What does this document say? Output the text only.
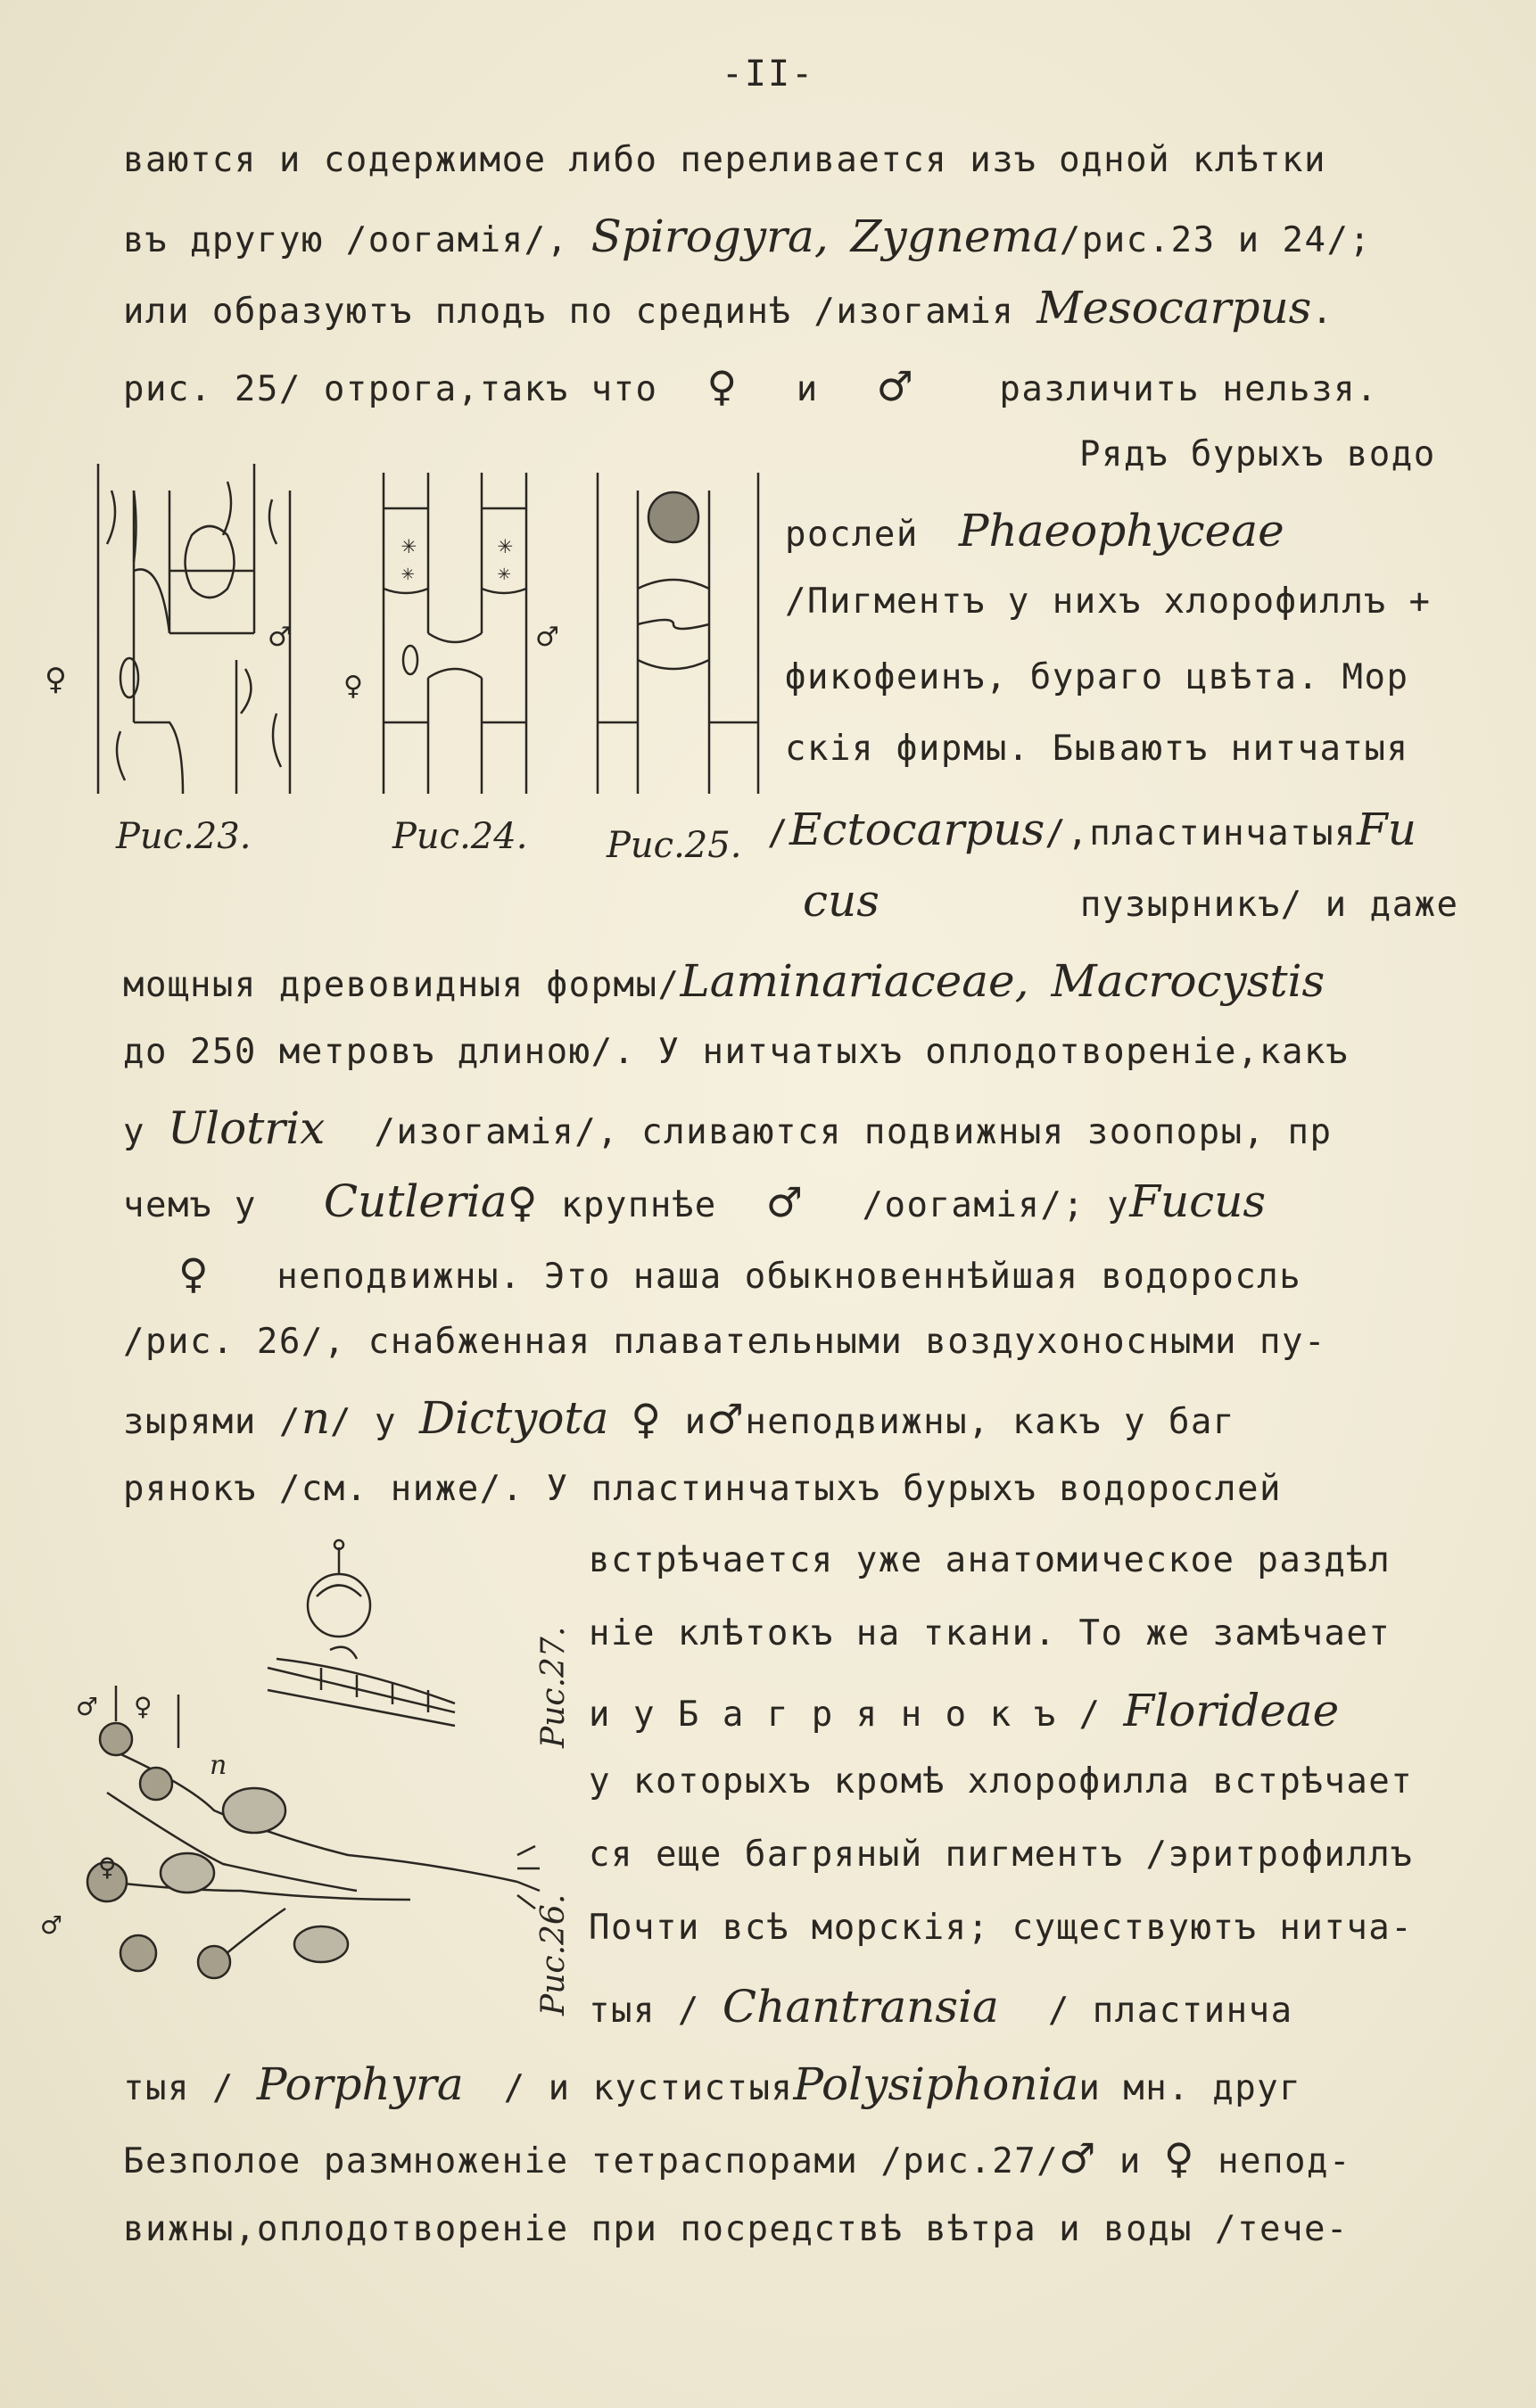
-II-
ваются и содержимое либо переливается изъ одной клѣтки
въ другую /оогамія/, Spirogyra, Zygnema/рис.23 и 24/;
или образуютъ плодъ по срединѣ /изогамія Mesocarpus.
рис. 25/ отрога,такъ что ♀ и ♂ различить нельзя.
Рядъ бурыхъ водо
рослей Phaeophyceae
/Пигментъ у нихъ хлорофиллъ +
фикофеинъ, бураго цвѣта. Мор
скія фирмы. Бываютъ нитчатыя
/Ectocarpus/,пластинчатыяFu
cus	пузырникъ/ и даже
мощныя древовидныя формы/Laminariaceae, Macrocystis
до 250 метровъ длиною/. У нитчатыхъ оплодотвореніе,какъ
у Ulotrix /изогамія/, сливаются подвижныя зоопоры, пр
чемъ у Cutleria♀ крупнѣе ♂ /оогамія/; уFucus
♀ неподвижны. Это наша обыкновеннѣйшая водоросль
/рис. 26/, снабженная плавательными воздухоносными пу-
зырями /n/ у Dictyota ♀ и♂неподвижны, какъ у баг
рянокъ /см. ниже/. У пластинчатыхъ бурыхъ водорослей
встрѣчается уже анатомическое раздѣл
ніе клѣтокъ на ткани. То же замѣчает
и у Б а г р я н о к ъ / Florideae
у которыхъ кромѣ хлорофилла встрѣчает
ся еще багряный пигментъ /эритрофиллъ
Почти всѣ морскія; существуютъ нитча-
тыя / Chantransia / пластинча
тыя / Porphyra / и кустистыяPolysiphoniaи мн. друг
Безполое размноженіе тетраспорами /рис.27/♂ и ♀ непод-
вижны,оплодотвореніе при посредствѣ вѣтра и воды /тече-
Рис.23.
✳	✳
✳	✳
Рис.24. Рис.25.
♀
♂
♀
♂
Рис.27.
Рис.26.
n
♂ ♀
♀
♂
